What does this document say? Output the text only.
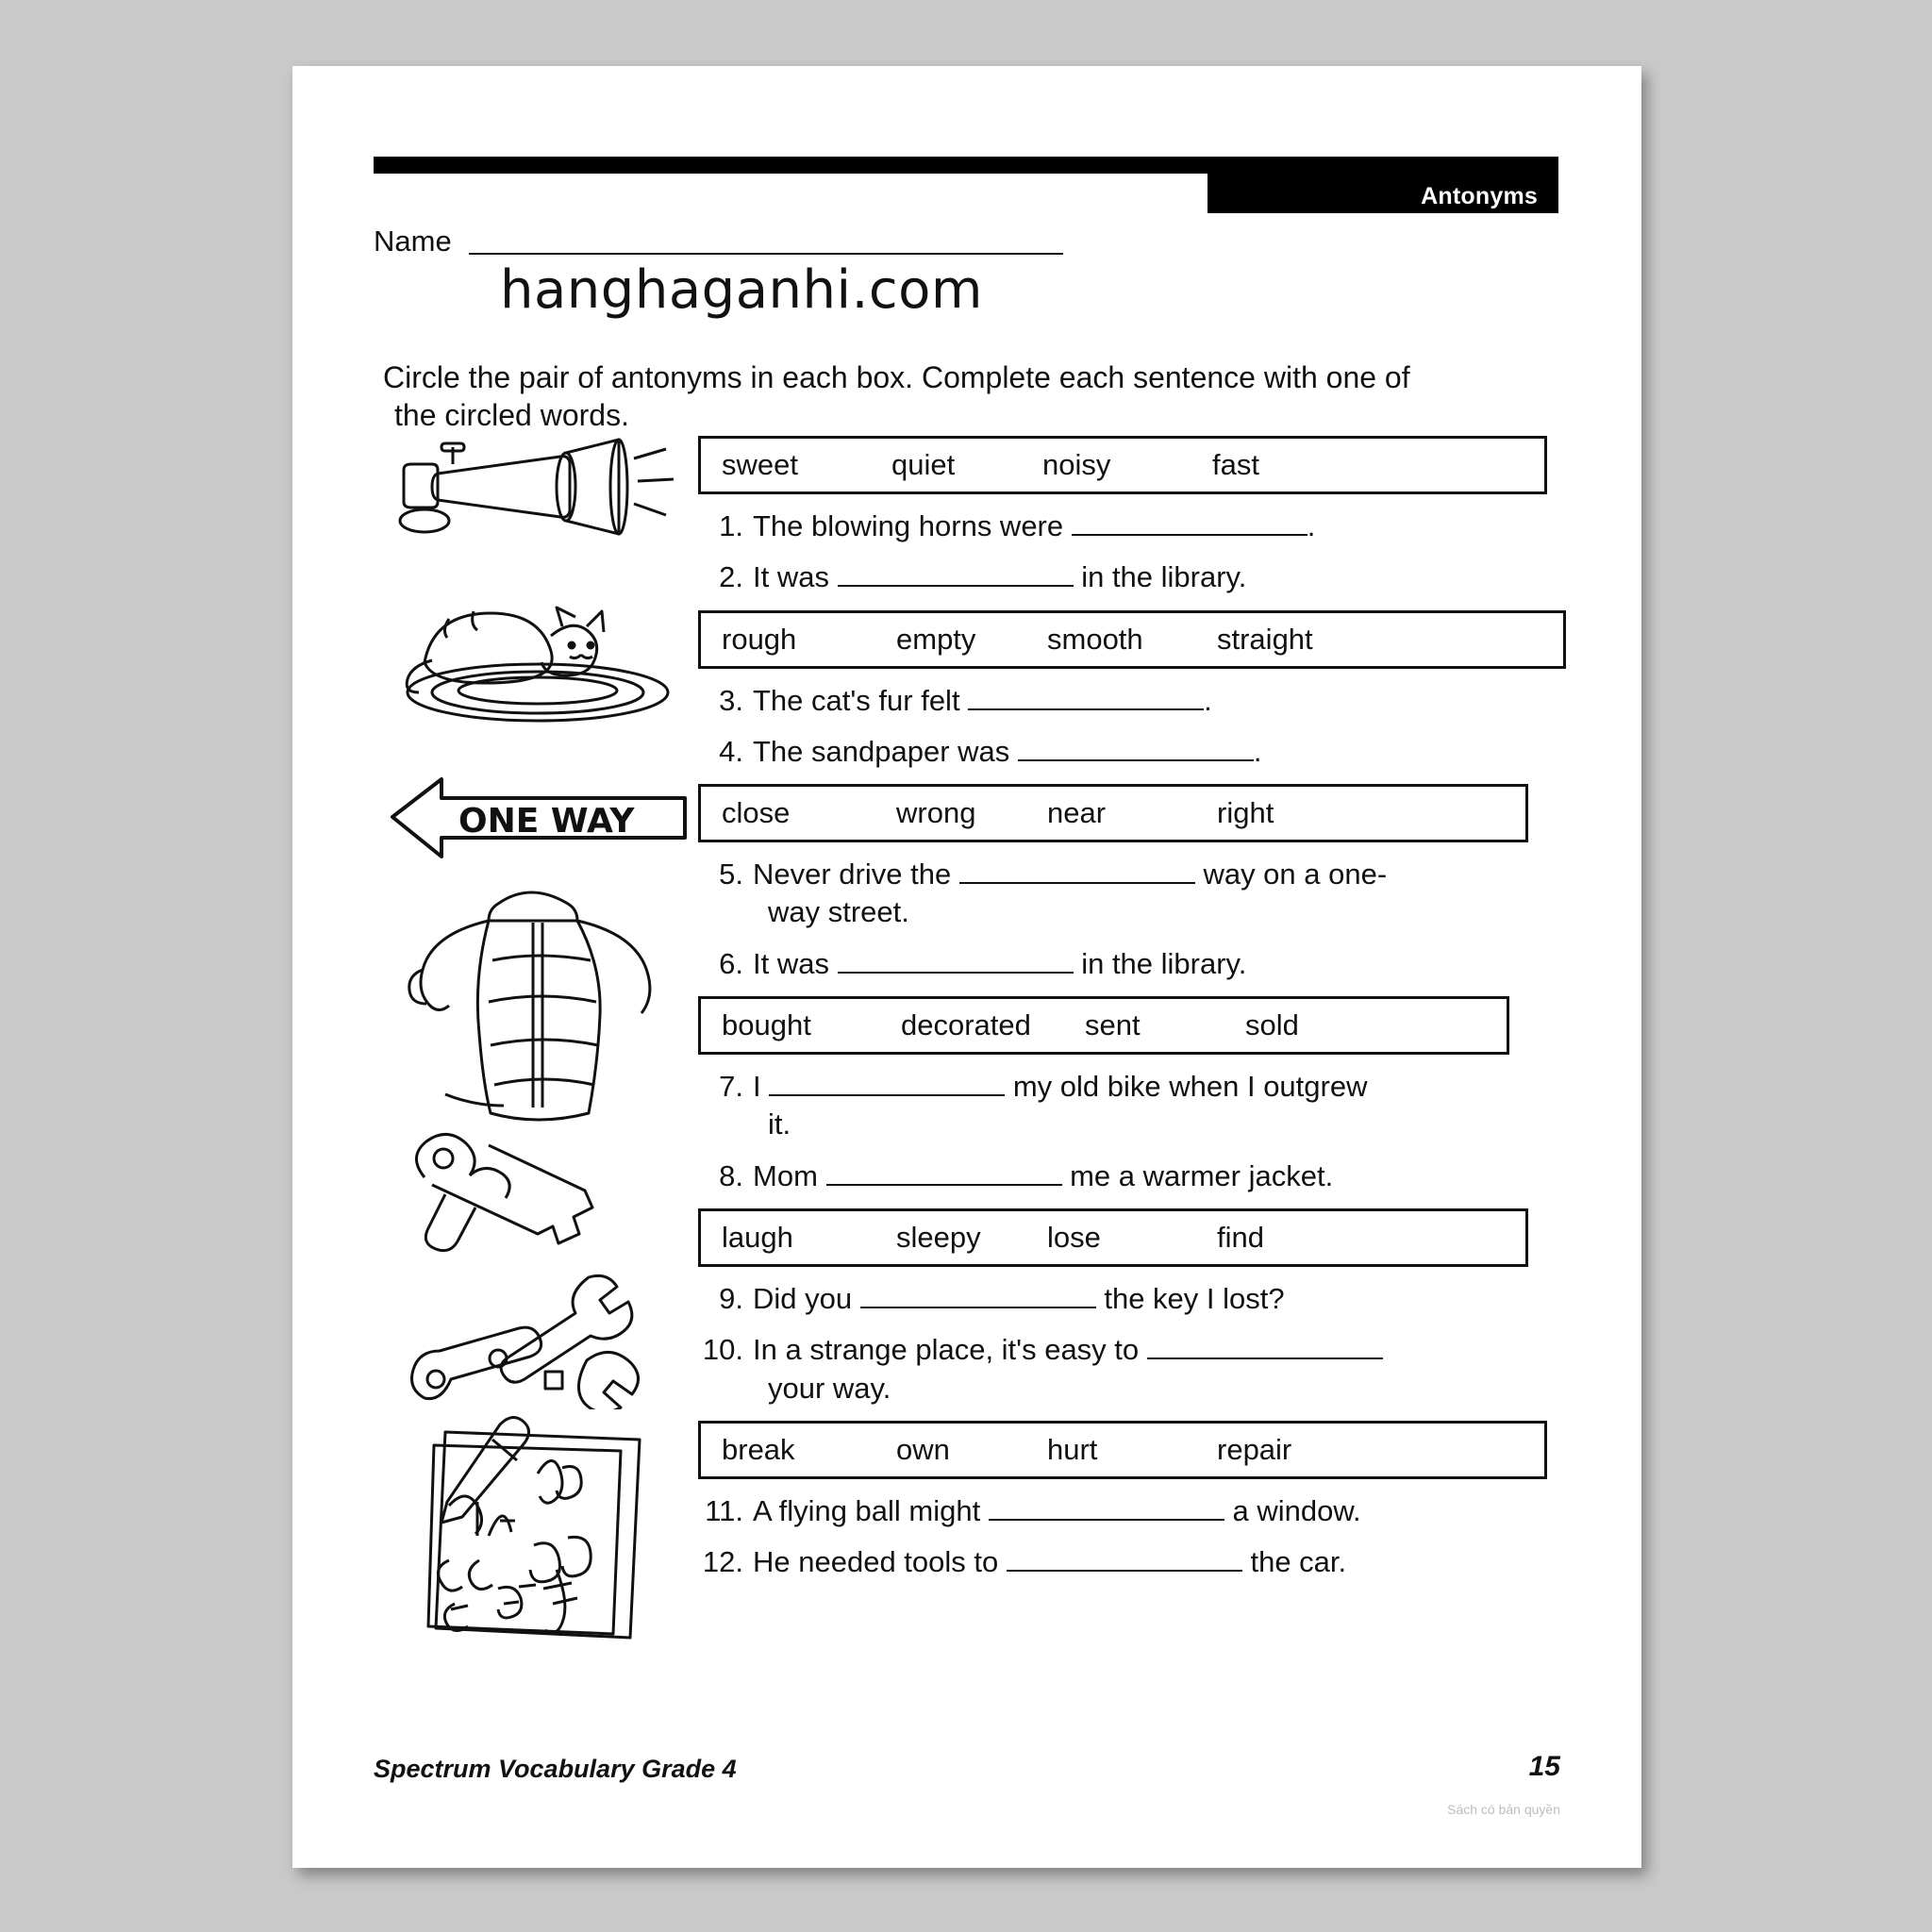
Antonyms
Name
hanghaganhi.com
Circle the pair of antonyms in each box. Complete each sentence with one of
the circled words.
ONE WAY
sweet	quiet	noisy	fast
1. The blowing horns were	.
2. It was	in the library.
rough	empty	smooth	straight
3. The cat's fur felt	.
4. The sandpaper was	.
close	wrong	near	right
5. Never drive the	way on a one-
way street.
6. It was	in the library.
bought	decorated	sent	sold
7. I	my old bike when I outgrew
it.
8. Mom	me a warmer jacket.
laugh	sleepy	lose	find
9. Did you	the key I lost?
10. In a strange place, it's easy to
your way.
break	own	hurt	repair
11. A flying ball might	a window.
12. He needed tools to	the car.
Spectrum Vocabulary Grade 4	15
Sách có bản quyền
